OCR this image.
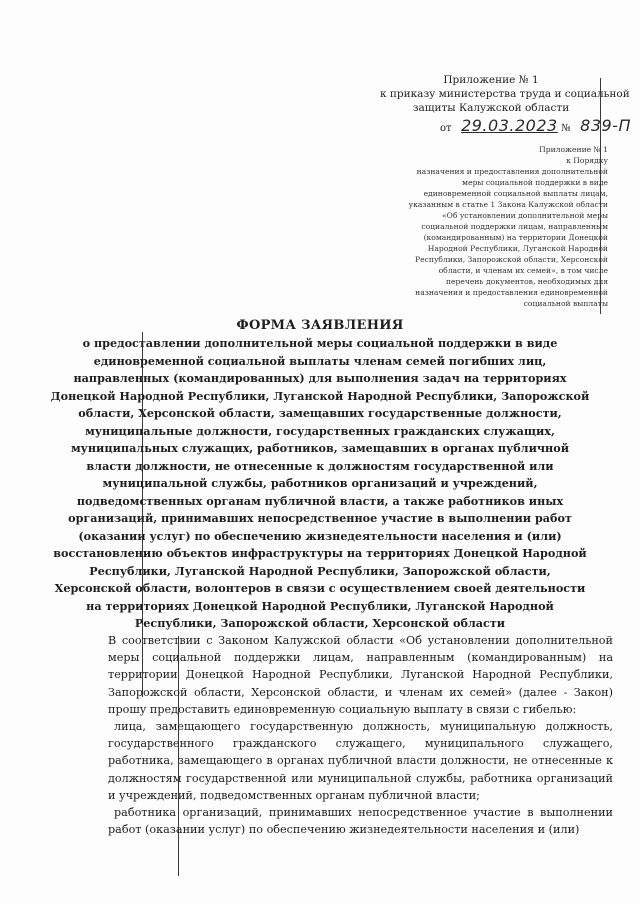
Приложение № 1
к приказу министерства труда и социальной
защиты Калужской области
от 29.03.2023 № 839-П
Приложение № 1
к Порядку
назначения и предоставления дополнительной
меры социальной поддержки в виде
единовременной социальной выплаты лицам,
указанным в статье 1 Закона Калужской области
«Об установлении дополнительной меры
социальной поддержки лицам, направленным
(командированным) на территории Донецкой
Народной Республики, Луганской Народной
Республики, Запорожской области, Херсонской
области, и членам их семей», в том числе
перечень документов, необходимых для
назначения и предоставления единовременной
социальной выплаты
ФОРМА ЗАЯВЛЕНИЯ
о предоставлении дополнительной меры социальной поддержки в виде
единовременной социальной выплаты членам семей погибших лиц,
направленных (командированных) для выполнения задач на территориях
Донецкой Народной Республики, Луганской Народной Республики, Запорожской
области, Херсонской области, замещавших государственные должности,
муниципальные должности, государственных гражданских служащих,
муниципальных служащих, работников, замещавших в органах публичной
власти должности, не отнесенные к должностям государственной или
муниципальной службы, работников организаций и учреждений,
подведомственных органам публичной власти, а также работников иных
организаций, принимавших непосредственное участие в выполнении работ
(оказании услуг) по обеспечению жизнедеятельности населения и (или)
восстановлению объектов инфраструктуры на территориях Донецкой Народной
Республики, Луганской Народной Республики, Запорожской области,
Херсонской области, волонтеров в связи с осуществлением своей деятельности
на территориях Донецкой Народной Республики, Луганской Народной
Республики, Запорожской области, Херсонской области

В соответствии с Законом Калужской области «Об установлении дополнительной меры социальной поддержки лицам, направленным (командированным) на территории Донецкой Народной Республики, Луганской Народной Республики, Запорожской области, Херсонской области, и членам их семей» (далее - Закон) прошу предоставить единовременную социальную выплату в связи с гибелью:

лица, замещающего государственную должность, муниципальную должность, государственного гражданского служащего, муниципального служащего, работника, замещающего в органах публичной власти должности, не отнесенные к должностям государственной или муниципальной службы, работника организаций и учреждений, подведомственных органам публичной власти;

работника организаций, принимавших непосредственное участие в выполнении работ (оказании услуг) по обеспечению жизнедеятельности населения и (или)
